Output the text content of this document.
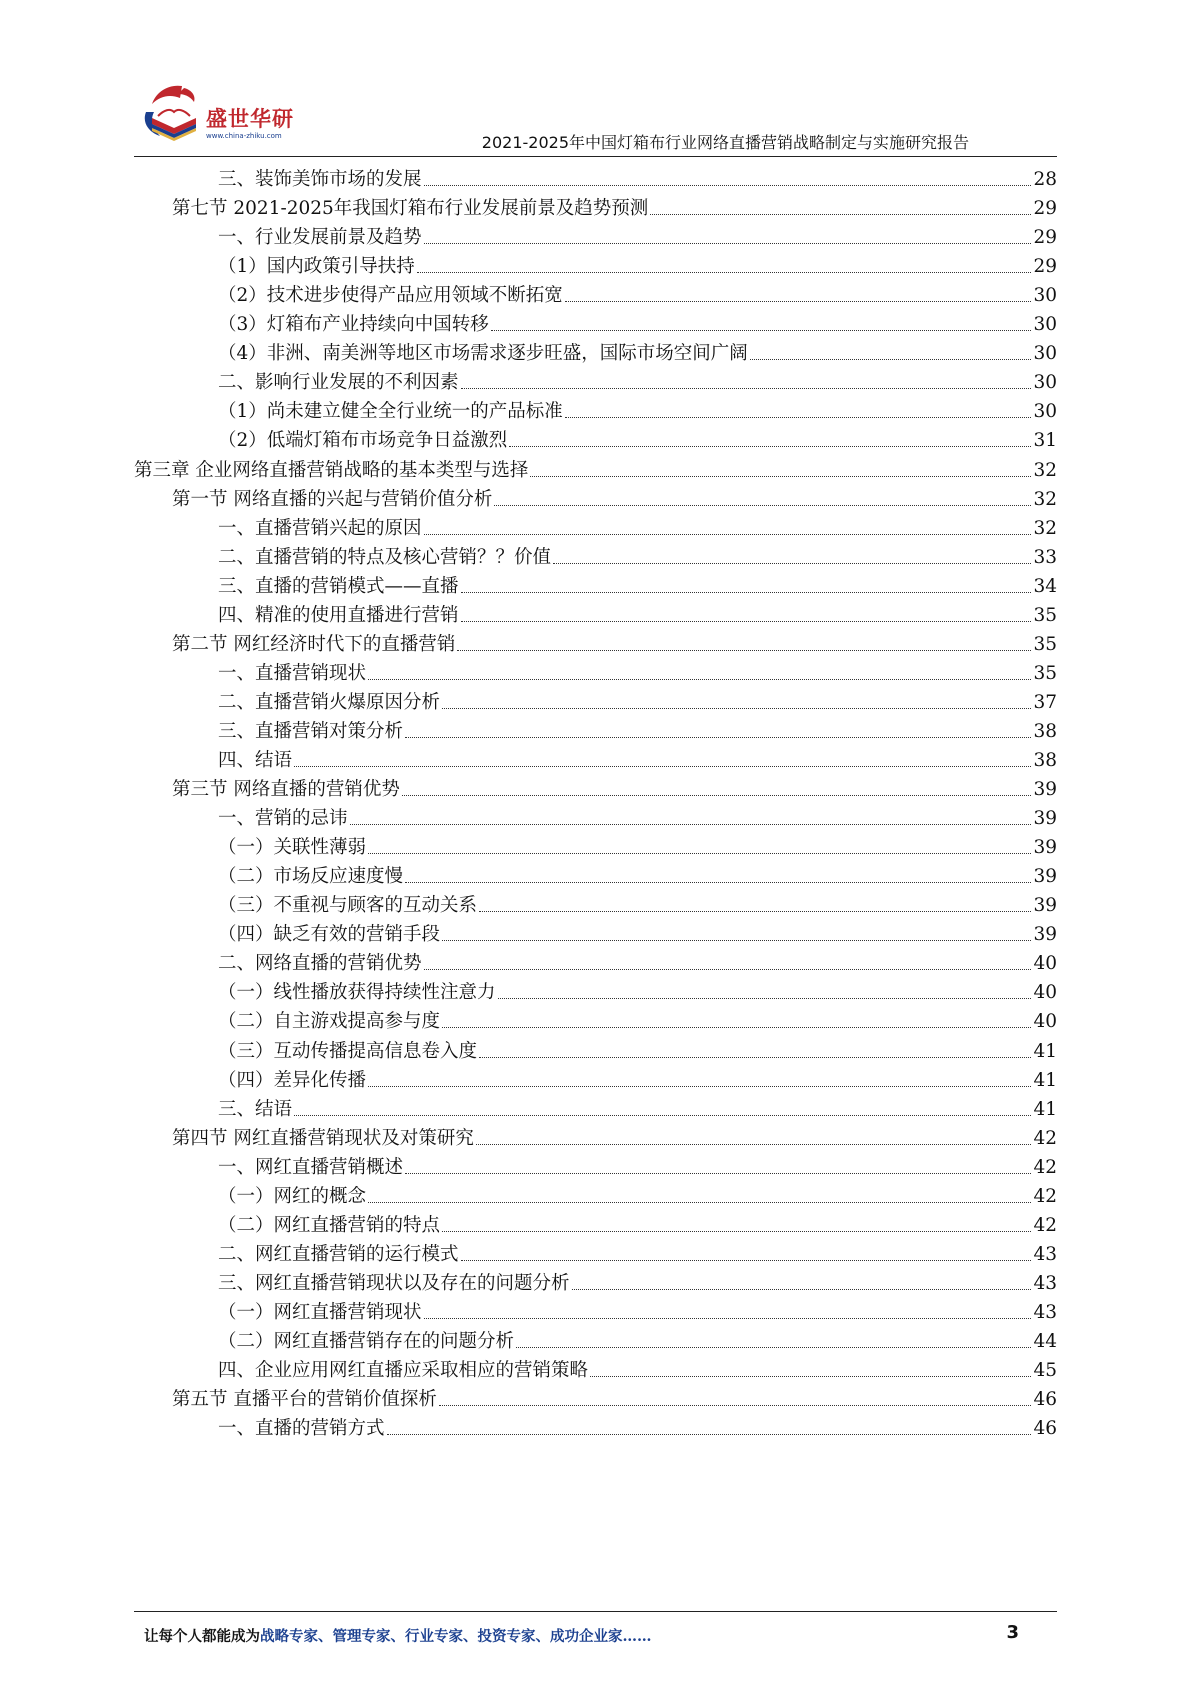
盛世华研
www.china-zhiku.com	2021-2025年中国灯箱布行业网络直播营销战略制定与实施研究报告
三、装饰美饰市场的发展	28
第七节 2021-2025年我国灯箱布行业发展前景及趋势预测	29
一、行业发展前景及趋势	29
（1）国内政策引导扶持	29
（2）技术进步使得产品应用领域不断拓宽	30
（3）灯箱布产业持续向中国转移	30
（4）非洲、南美洲等地区市场需求逐步旺盛，国际市场空间广阔	30
二、影响行业发展的不利因素	30
（1）尚未建立健全全行业统一的产品标准	30
（2）低端灯箱布市场竞争日益激烈	31
第三章 企业网络直播营销战略的基本类型与选择	32
第一节 网络直播的兴起与营销价值分析	32
一、直播营销兴起的原因	32
二、直播营销的特点及核心营销？？价值	33
三、直播的营销模式——直播	34
四、精准的使用直播进行营销	35
第二节 网红经济时代下的直播营销	35
一、直播营销现状	35
二、直播营销火爆原因分析	37
三、直播营销对策分析	38
四、结语	38
第三节 网络直播的营销优势	39
一、营销的忌讳	39
（一）关联性薄弱	39
（二）市场反应速度慢	39
（三）不重视与顾客的互动关系	39
（四）缺乏有效的营销手段	39
二、网络直播的营销优势	40
（一）线性播放获得持续性注意力	40
（二）自主游戏提高参与度	40
（三）互动传播提高信息卷入度	41
（四）差异化传播	41
三、结语	41
第四节 网红直播营销现状及对策研究	42
一、网红直播营销概述	42
（一）网红的概念	42
（二）网红直播营销的特点	42
二、网红直播营销的运行模式	43
三、网红直播营销现状以及存在的问题分析	43
（一）网红直播营销现状	43
（二）网红直播营销存在的问题分析	44
四、企业应用网红直播应采取相应的营销策略	45
第五节 直播平台的营销价值探析	46
一、直播的营销方式	46
让每个人都能成为战略专家、管理专家、行业专家、投资专家、成功企业家……	3
